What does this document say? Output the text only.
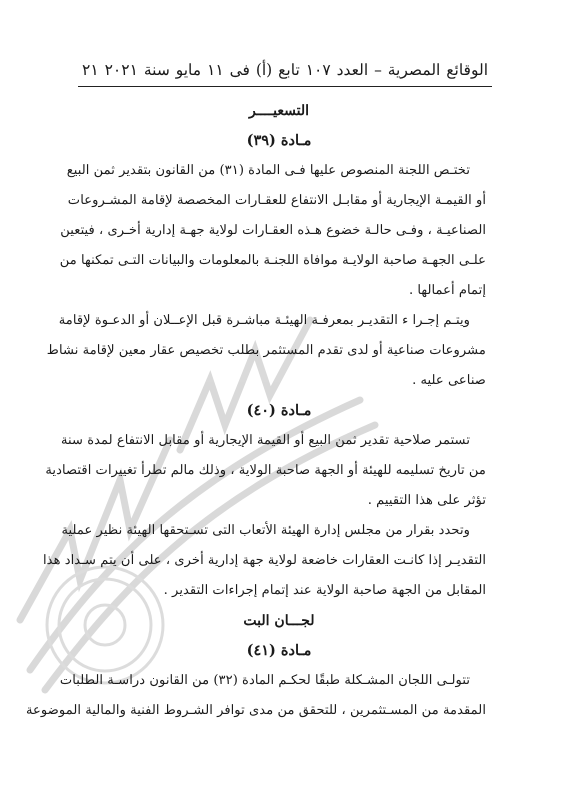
الوقائع المصرية – العدد ١٠٧ تابع (أ) فى ١١ مايو سنة ٢٠٢١ ٢١
التسعيــــر
مـادة (٣٩)
تختـص اللجنة المنصوص عليها فـى المادة (٣١) من القانون بتقدير ثمن البيع
أو القيمـة الإيجارية أو مقابـل الانتفاع للعقـارات المخصصة لإقامة المشـروعات
الصناعيـة ، وفـى حالـة خضوع هـذه العقـارات لولاية جهـة إدارية أخـرى ، فيتعين
علـى الجهـة صاحبة الولايـة موافاة اللجنـة بالمعلومات والبيانات التـى تمكنها من
إتمام أعمالها .
ويتـم إجـرا ء التقديـر بمعرفـة الهيئـة مباشـرة قبل الإعــلان أو الدعـوة لإقامة
مشروعات صناعية أو لدى تقدم المستثمر بطلب تخصيص عقار معين لإقامة نشاط
صناعى عليه .
مـادة (٤٠)
تستمر صلاحية تقدير ثمن البيع أو القيمة الإيجارية أو مقابل الانتفاع لمدة سنة
من تاريخ تسليمه للهيئة أو الجهة صاحبة الولاية ، وذلك مالم تطرأ تغييرات اقتصادية
تؤثر على هذا التقييم .
وتحدد بقرار من مجلس إدارة الهيئة الأتعاب التى تسـتحقها الهيئة نظير عملية
التقديـر إذا كانـت العقارات خاضعة لولاية جهة إدارية أخرى ، على أن يتم سـداد هذا
المقابل من الجهة صاحبة الولاية عند إتمام إجراءات التقدير .
لجـــان البت
مـادة (٤١)
تتولـى اللجان المشـكلة طبقًا لحكـم المادة (٣٢) من القانون دراسـة الطلبات
المقدمة من المسـتثمرين ، للتحقق من مدى توافر الشـروط الفنية والمالية الموضوعة
